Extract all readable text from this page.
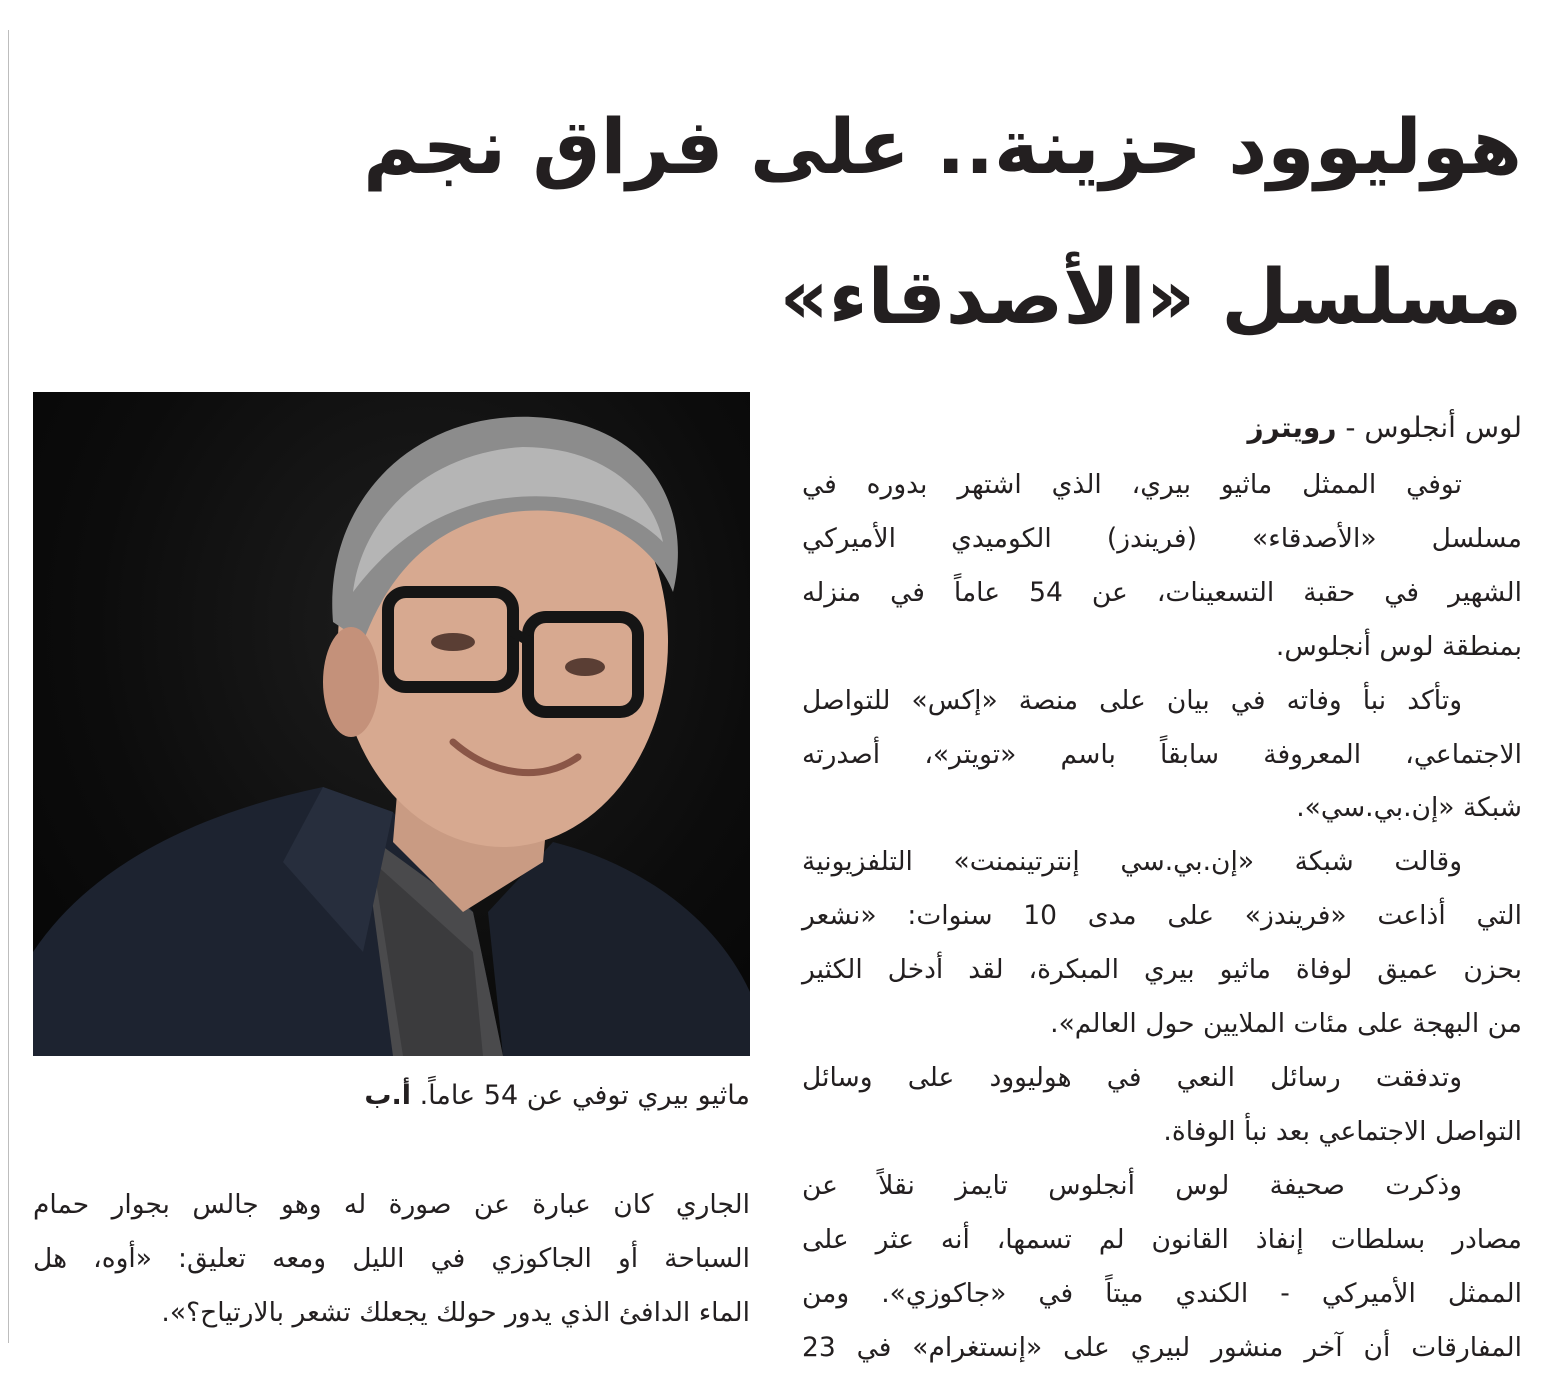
هوليوود حزينة.. على فراق نجم
مسلسل «الأصدقاء»
ماثيو بيري توفي عن 54 عاماً. أ.ب
لوس أنجلوس - رويترز
توفي الممثل ماثيو بيري، الذي اشتهر بدوره في
مسلسل «الأصدقاء» (فريندز) الكوميدي الأميركي
الشهير في حقبة التسعينات، عن 54 عاماً في منزله
بمنطقة لوس أنجلوس.
وتأكد نبأ وفاته في بيان على منصة «إكس» للتواصل
الاجتماعي، المعروفة سابقاً باسم «تويتر»، أصدرته
شبكة «إن.بي.سي».
وقالت شبكة «إن.بي.سي إنترتينمنت» التلفزيونية
التي أذاعت «فريندز» على مدى 10 سنوات: «نشعر
بحزن عميق لوفاة ماثيو بيري المبكرة، لقد أدخل الكثير
من البهجة على مئات الملايين حول العالم».
وتدفقت رسائل النعي في هوليوود على وسائل
التواصل الاجتماعي بعد نبأ الوفاة.
وذكرت صحيفة لوس أنجلوس تايمز نقلاً عن
مصادر بسلطات إنفاذ القانون لم تسمها، أنه عثر على
الممثل الأميركي - الكندي ميتاً في «جاكوزي». ومن
المفارقات أن آخر منشور لبيري على «إنستغرام» في 23
الجاري كان عبارة عن صورة له وهو جالس بجوار حمام
السباحة أو الجاكوزي في الليل ومعه تعليق: «أوه، هل
الماء الدافئ الذي يدور حولك يجعلك تشعر بالارتياح؟».
